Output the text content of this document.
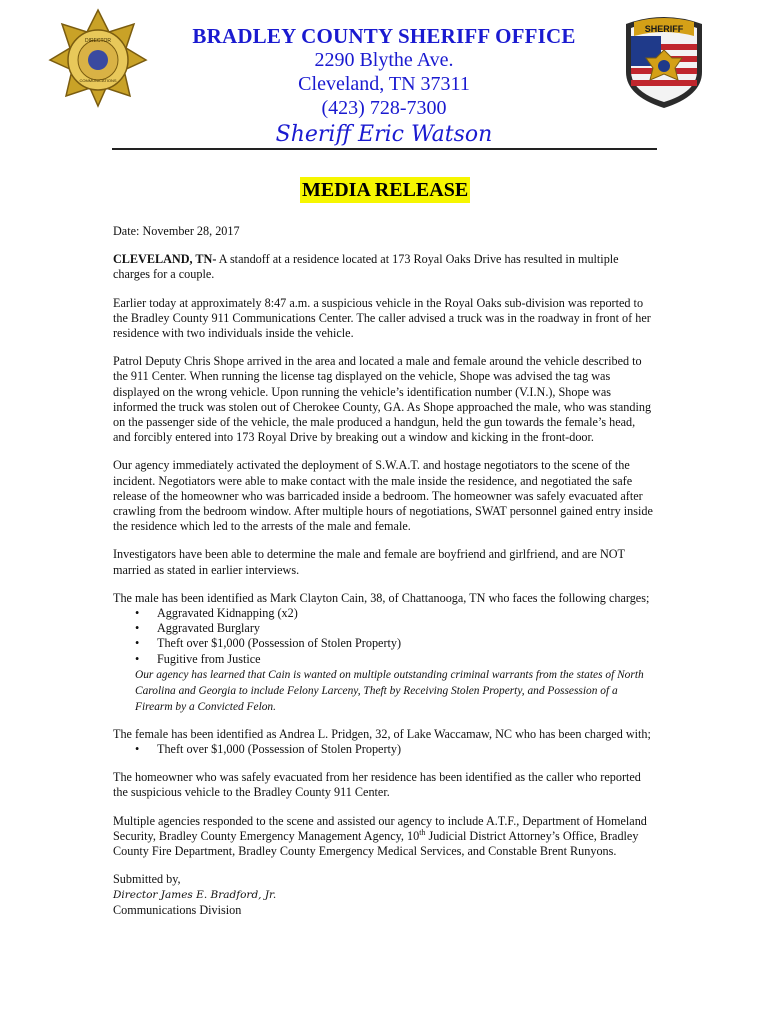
DIRECTOR
COMMUNICATIONS
BRADLEY COUNTY SHERIFF OFFICE
2290 Blythe Ave.
Cleveland, TN 37311
(423) 728-7300
Sheriff Eric Watson
SHERIFF
MEDIA RELEASE

Date: November 28, 2017

CLEVELAND, TN- A standoff at a residence located at 173 Royal Oaks Drive has resulted in multiple charges for a couple.

Earlier today at approximately 8:47 a.m. a suspicious vehicle in the Royal Oaks sub-division was reported to the Bradley County 911 Communications Center. The caller advised a truck was in the roadway in front of her residence with two individuals inside the vehicle.

Patrol Deputy Chris Shope arrived in the area and located a male and female around the vehicle described to the 911 Center. When running the license tag displayed on the vehicle, Shope was advised the tag was displayed on the wrong vehicle. Upon running the vehicle’s identification number (V.I.N.), Shope was informed the truck was stolen out of Cherokee County, GA. As Shope approached the male, who was standing on the passenger side of the vehicle, the male produced a handgun, held the gun towards the female’s head, and forcibly entered into 173 Royal Drive by breaking out a window and kicking in the front-door.

Our agency immediately activated the deployment of S.W.A.T. and hostage negotiators to the scene of the incident. Negotiators were able to make contact with the male inside the residence, and negotiated the safe release of the homeowner who was barricaded inside a bedroom. The homeowner was safely evacuated after crawling from the bedroom window. After multiple hours of negotiations, SWAT personnel gained entry inside the residence which led to the arrests of the male and female.

Investigators have been able to determine the male and female are boyfriend and girlfriend, and are NOT married as stated in earlier interviews.

The male has been identified as Mark Clayton Cain, 38, of Chattanooga, TN who faces the following charges;

• Aggravated Kidnapping (x2)
• Aggravated Burglary
• Theft over $1,000 (Possession of Stolen Property)
• Fugitive from Justice

Our agency has learned that Cain is wanted on multiple outstanding criminal warrants from the states of North Carolina and Georgia to include Felony Larceny, Theft by Receiving Stolen Property, and Possession of a Firearm by a Convicted Felon.

The female has been identified as Andrea L. Pridgen, 32, of Lake Waccamaw, NC who has been charged with;

• Theft over $1,000 (Possession of Stolen Property)

The homeowner who was safely evacuated from her residence has been identified as the caller who reported the suspicious vehicle to the Bradley County 911 Center.

Multiple agencies responded to the scene and assisted our agency to include A.T.F., Department of Homeland Security, Bradley County Emergency Management Agency, 10th Judicial District Attorney’s Office, Bradley County Fire Department, Bradley County Emergency Medical Services, and Constable Brent Runyons.

Submitted by,
Director James E. Bradford, Jr.
Communications Division
